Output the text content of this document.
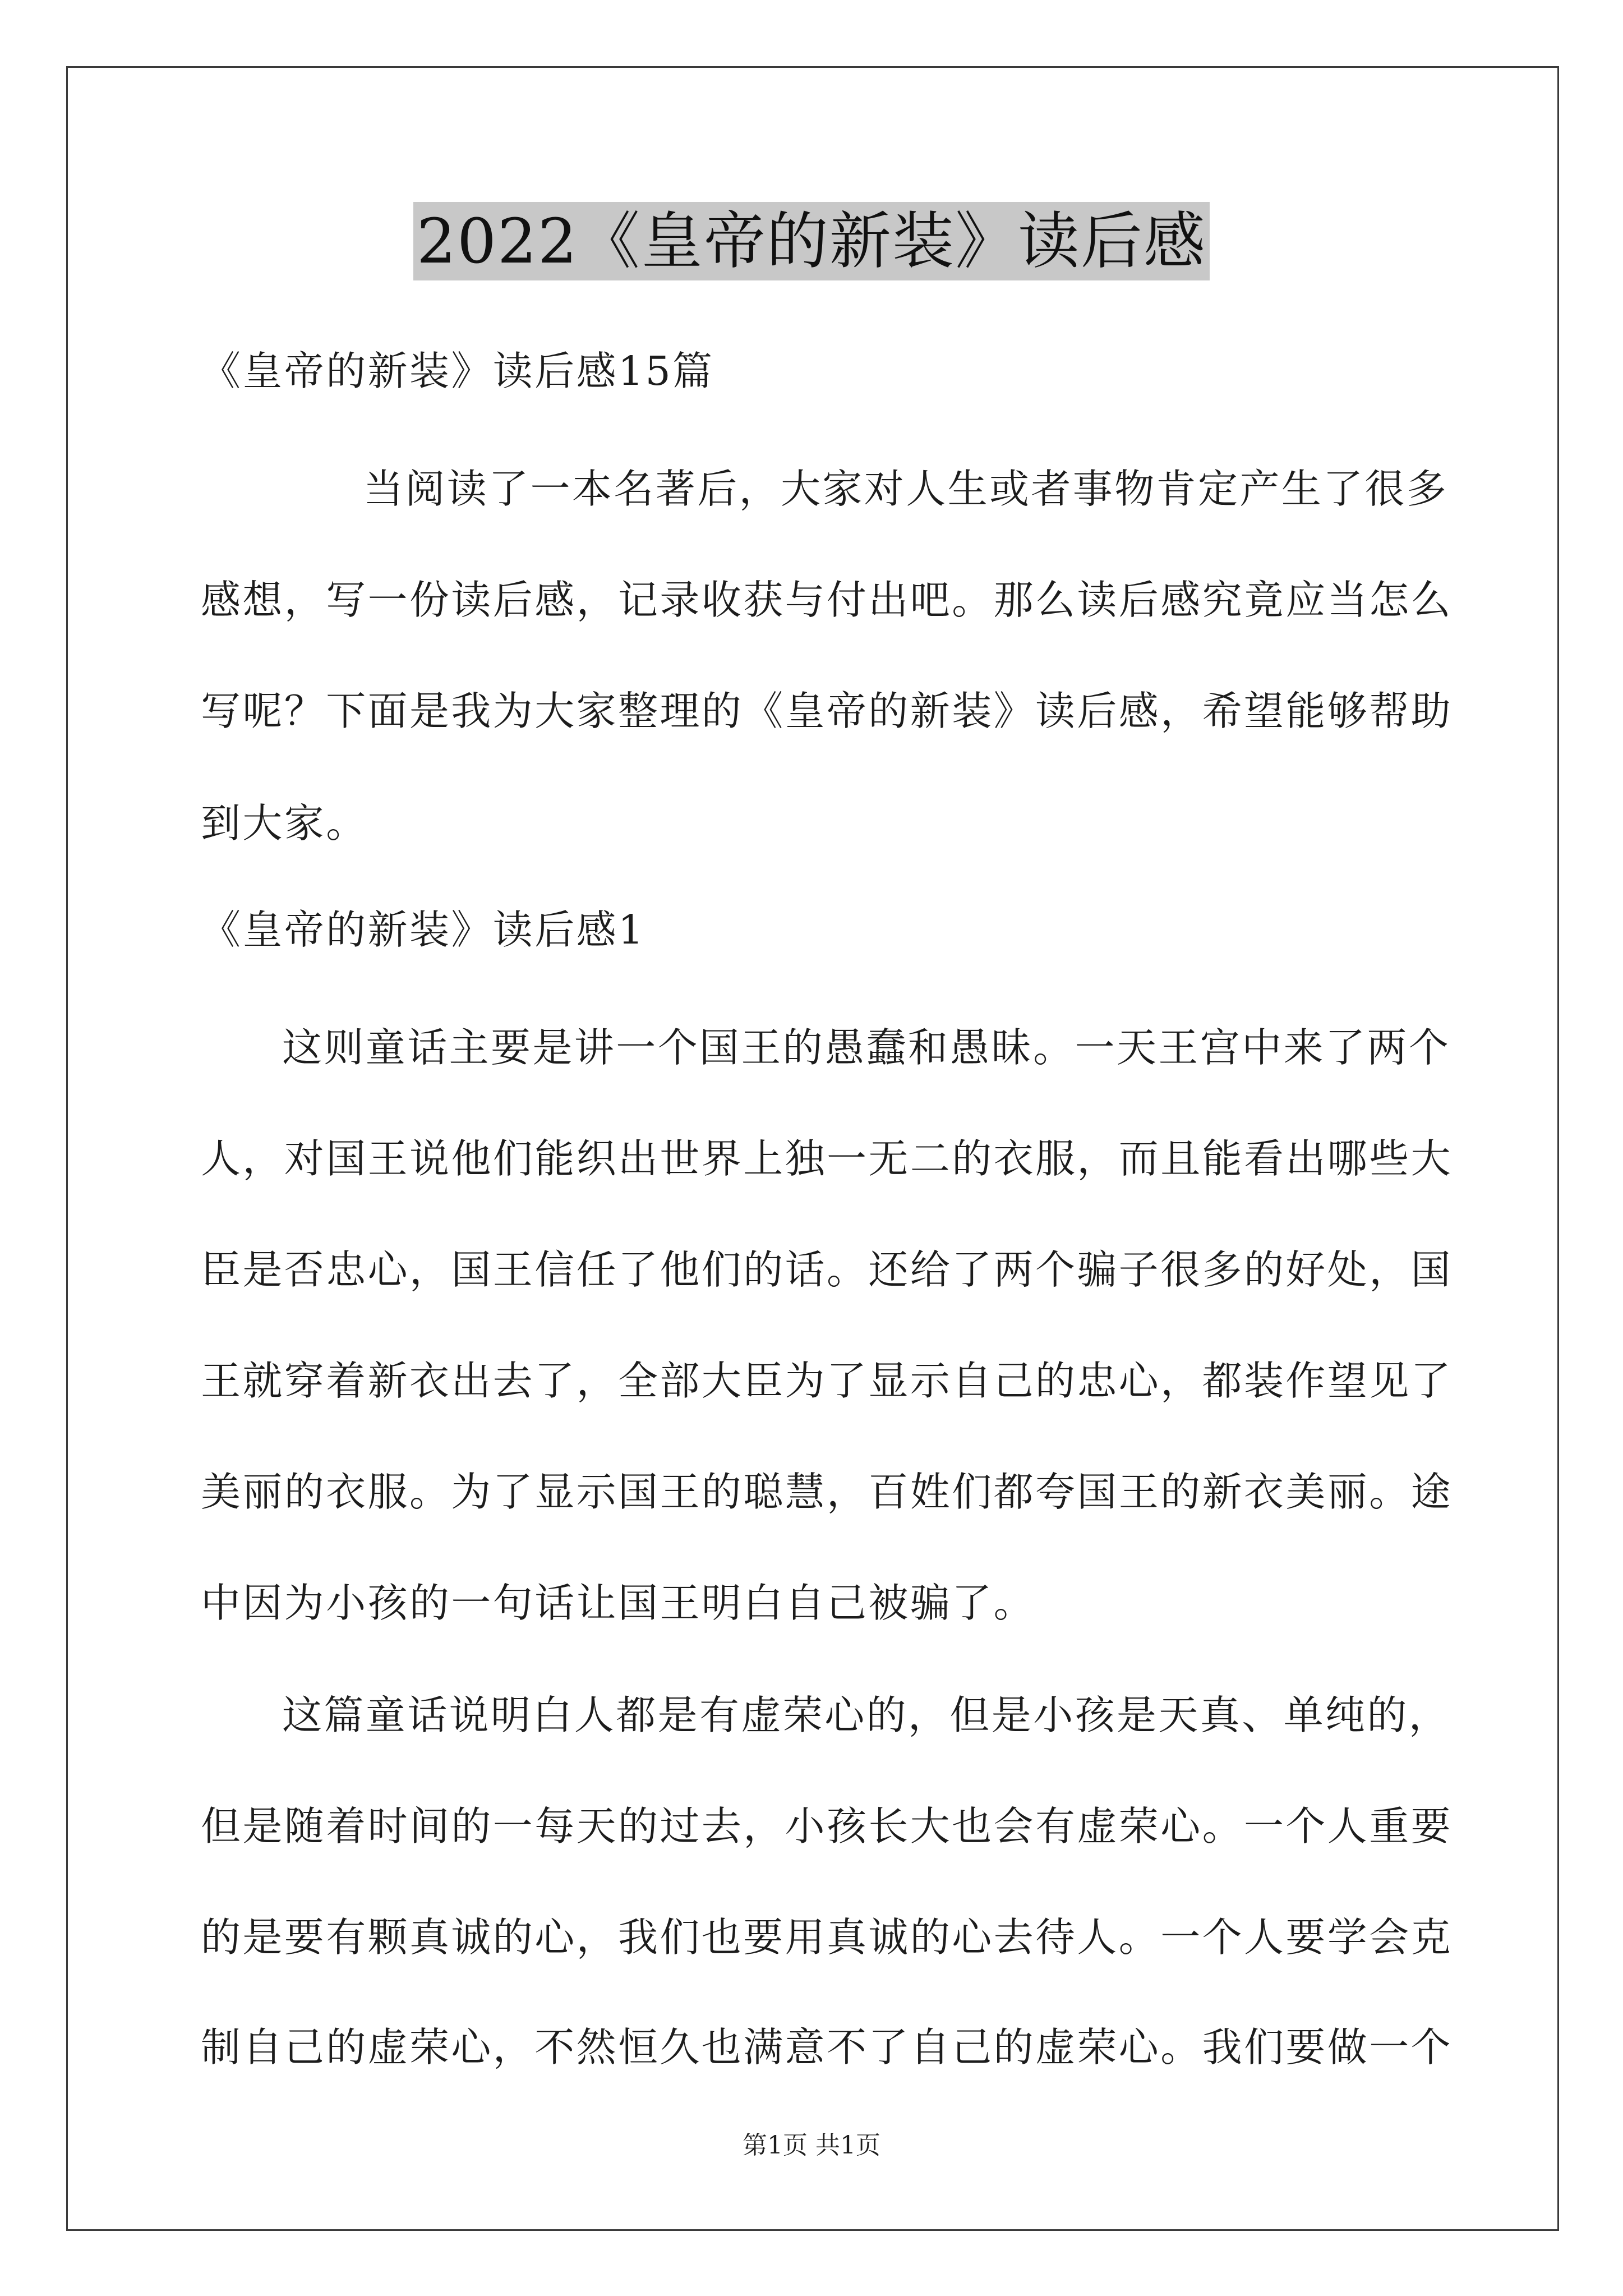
2022《皇帝的新装》读后感
《皇帝的新装》读后感15篇
当阅读了一本名著后，大家对人生或者事物肯定产生了很多
感想，写一份读后感，记录收获与付出吧。那么读后感究竟应当怎么
写呢？下面是我为大家整理的《皇帝的新装》读后感，希望能够帮助
到大家。
《皇帝的新装》读后感1
这则童话主要是讲一个国王的愚蠢和愚昧。一天王宫中来了两个
人，对国王说他们能织出世界上独一无二的衣服，而且能看出哪些大
臣是否忠心，国王信任了他们的话。还给了两个骗子很多的好处，国
王就穿着新衣出去了，全部大臣为了显示自己的忠心，都装作望见了
美丽的衣服。为了显示国王的聪慧，百姓们都夸国王的新衣美丽。途
中因为小孩的一句话让国王明白自己被骗了。
这篇童话说明白人都是有虚荣心的，但是小孩是天真、单纯的，
但是随着时间的一每天的过去，小孩长大也会有虚荣心。一个人重要
的是要有颗真诚的心，我们也要用真诚的心去待人。一个人要学会克
制自己的虚荣心，不然恒久也满意不了自己的虚荣心。我们要做一个
第1页 共1页
